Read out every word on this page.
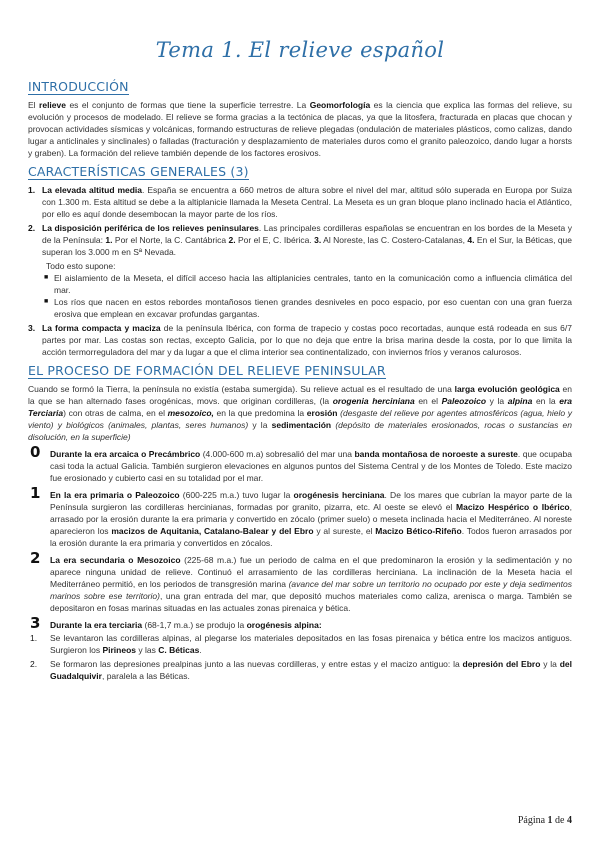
Tema 1. El relieve español
INTRODUCCIÓN

El relieve es el conjunto de formas que tiene la superficie terrestre. La Geomorfología es la ciencia que explica las formas del relieve, su evolución y procesos de modelado. El relieve se forma gracias a la tectónica de placas, ya que la litosfera, fracturada en placas que chocan y provocan actividades sísmicas y volcánicas, formando estructuras de relieve plegadas (ondulación de materiales plásticos, como calizas, dando lugar a anticlinales y sinclinales) o falladas (fracturación y desplazamiento de materiales duros como el granito paleozoico, dando lugar a horsts y graben). La formación del relieve también depende de los factores erosivos.

CARACTERÍSTICAS GENERALES (3)
1. La elevada altitud media. España se encuentra a 660 metros de altura sobre el nivel del mar, altitud sólo superada en Europa por Suiza con 1.300 m. Esta altitud se debe a la altiplanicie llamada la Meseta Central. La Meseta es un gran bloque plano inclinado hacia el Atlántico, por ello es aquí donde desembocan la mayor parte de los ríos.
2. La disposición periférica de los relieves peninsulares. Las principales cordilleras españolas se encuentran en los bordes de la Meseta y de la Península: 1. Por el Norte, la C. Cantábrica 2. Por el E, C. Ibérica. 3. Al Noreste, las C. Costero-Catalanas, 4. En el Sur, la Béticas, que superan los 3.000 m en Sª Nevada.
Todo esto supone:
■ El aislamiento de la Meseta, el difícil acceso hacia las altiplanicies centrales, tanto en la comunicación como a influencia climática del mar.
■ Los ríos que nacen en estos rebordes montañosos tienen grandes desniveles en poco espacio, por eso cuentan con una gran fuerza erosiva que emplean en excavar profundas gargantas.
3. La forma compacta y maciza de la península Ibérica, con forma de trapecio y costas poco recortadas, aunque está rodeada en sus 6/7 partes por mar. Las costas son rectas, excepto Galicia, por lo que no deja que entre la brisa marina desde la costa, por lo que limita la acción termorreguladora del mar y da lugar a que el clima interior sea continentalizado, con inviernos fríos y veranos calurosos.
EL PROCESO DE FORMACIÓN DEL RELIEVE PENINSULAR

Cuando se formó la Tierra, la península no existía (estaba sumergida). Su relieve actual es el resultado de una larga evolución geológica en la que se han alternado fases orogénicas, movs. que originan cordilleras, (la orogenia herciniana en el Paleozoico y la alpina en la era Terciaria) con otras de calma, en el mesozoico, en la que predomina la erosión (desgaste del relieve por agentes atmosféricos (agua, hielo y viento) y biológicos (animales, plantas, seres humanos) y la sedimentación (depósito de materiales erosionados, rocas o sustancias en disolución, en la superficie)

0 Durante la era arcaica o Precámbrico (4.000-600 m.a) sobresalió del mar una banda montañosa de noroeste a sureste. que ocupaba casi toda la actual Galicia. También surgieron elevaciones en algunos puntos del Sistema Central y de los Montes de Toledo. Este macizo fue erosionado y cubierto casi en su totalidad por el mar.
1 En la era primaria o Paleozoico (600-225 m.a.) tuvo lugar la orogénesis herciniana. De los mares que cubrían la mayor parte de la Península surgieron las cordilleras hercinianas, formadas por granito, pizarra, etc. Al oeste se elevó el Macizo Hespérico o Ibérico, arrasado por la erosión durante la era primaria y convertido en zócalo (primer suelo) o meseta inclinada hacia el Mediterráneo. Al noreste aparecieron los macizos de Aquitania, Catalano-Balear y del Ebro y al sureste, el Macizo Bético-Rifeño. Todos fueron arrasados por la erosión durante la era primaria y convertidos en zócalos.
2 La era secundaria o Mesozoico (225-68 m.a.) fue un periodo de calma en el que predominaron la erosión y la sedimentación y no aparece ninguna unidad de relieve. Continuó el arrasamiento de las cordilleras herciniana. La inclinación de la Meseta hacia el Mediterráneo permitió, en los periodos de transgresión marina (avance del mar sobre un territorio no ocupado por este y deja sedimentos marinos sobre ese territorio), una gran entrada del mar, que depositó muchos materiales como caliza, arenisca o marga. También se depositaron en fosas marinas situadas en las actuales zonas pirenaica y bética.
3 Durante la era terciaria (68-1,7 m.a.) se produjo la orogénesis alpina:
1. Se levantaron las cordilleras alpinas, al plegarse los materiales depositados en las fosas pirenaica y bética entre los macizos antiguos. Surgieron los Pirineos y las C. Béticas.
2. Se formaron las depresiones prealpinas junto a las nuevas cordilleras, y entre estas y el macizo antiguo: la depresión del Ebro y la del Guadalquivir, paralela a las Béticas.
Página 1 de 4
